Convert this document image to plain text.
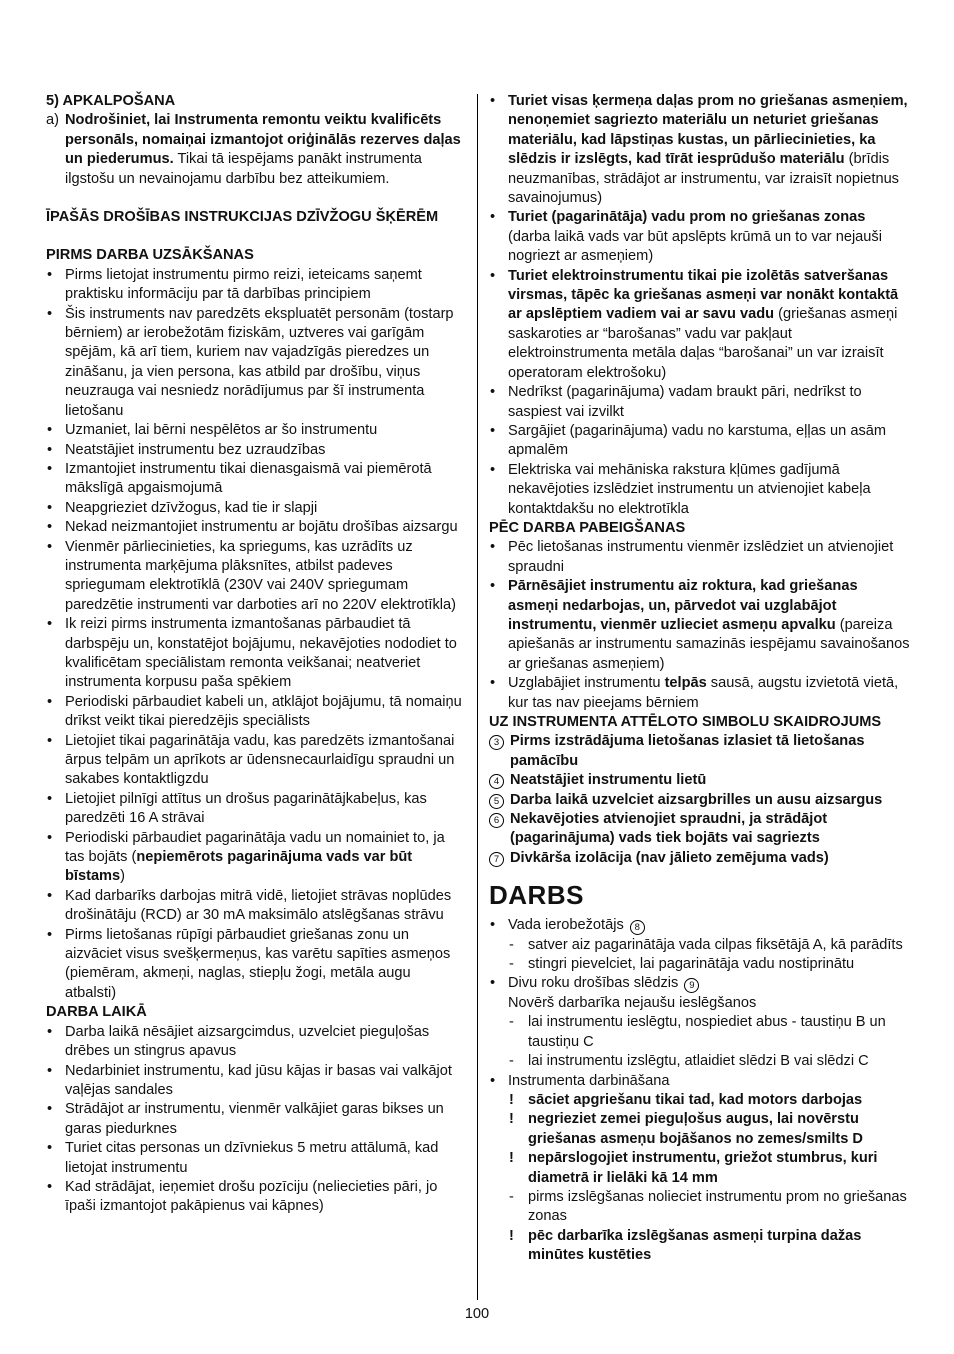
5) APKALPOŠANA

a) Nodrošiniet, lai Instrumenta remontu veiktu kvalificēts personāls, nomaiņai izmantojot oriģinālās rezerves daļas un piederumus. Tikai tā iespējams panākt instrumenta ilgstošu un nevainojamu darbību bez atteikumiem.

ĪPAŠĀS DROŠĪBAS INSTRUKCIJAS DZĪVŽOGU ŠĶĒRĒM

PIRMS DARBA UZSĀKŠANAS

• Pirms lietojat instrumentu pirmo reizi, ieteicams saņemt praktisku informāciju par tā darbības principiem
• Šis instruments nav paredzēts ekspluatēt personām (tostarp bērniem) ar ierobežotām fiziskām, uztveres vai garīgām spējām, kā arī tiem, kuriem nav vajadzīgās pieredzes un zināšanu, ja vien persona, kas atbild par drošību, viņus neuzrauga vai nesniedz norādījumus par šī instrumenta lietošanu
• Uzmaniet, lai bērni nespēlētos ar šo instrumentu
• Neatstājiet instrumentu bez uzraudzības
• Izmantojiet instrumentu tikai dienasgaismā vai piemērotā mākslīgā apgaismojumā
• Neapgrieziet dzīvžogus, kad tie ir slapji
• Nekad neizmantojiet instrumentu ar bojātu drošības aizsargu
• Vienmēr pārliecinieties, ka spriegums, kas uzrādīts uz instrumenta marķējuma plāksnītes, atbilst padeves spriegumam elektrotīklā (230V vai 240V spriegumam paredzētie instrumenti var darboties arī no 220V elektrotīkla)
• Ik reizi pirms instrumenta izmantošanas pārbaudiet tā darbspēju un, konstatējot bojājumu, nekavējoties nododiet to kvalificētam speciālistam remonta veikšanai; neatveriet instrumenta korpusu paša spēkiem
• Periodiski pārbaudiet kabeli un, atklājot bojājumu, tā nomaiņu drīkst veikt tikai pieredzējis speciālists
• Lietojiet tikai pagarinātāja vadu, kas paredzēts izmantošanai ārpus telpām un aprīkots ar ūdensnecaurlaidīgu spraudni un sakabes kontaktligzdu
• Lietojiet pilnīgi attītus un drošus pagarinātājkabeļus, kas paredzēti 16 A strāvai
• Periodiski pārbaudiet pagarinātāja vadu un nomainiet to, ja tas bojāts (nepiemērots pagarinājuma vads var būt bīstams)
• Kad darbarīks darbojas mitrā vidē, lietojiet strāvas noplūdes drošinātāju (RCD) ar 30 mA maksimālo atslēgšanas strāvu
• Pirms lietošanas rūpīgi pārbaudiet griešanas zonu un aizvāciet visus svešķermeņus, kas varētu sapīties asmeņos (piemēram, akmeņi, naglas, stiepļu žogi, metāla augu atbalsti)

DARBA LAIKĀ

• Darba laikā nēsājiet aizsargcimdus, uzvelciet pieguļošas drēbes un stingrus apavus
• Nedarbiniet instrumentu, kad jūsu kājas ir basas vai valkājot vaļējas sandales
• Strādājot ar instrumentu, vienmēr valkājiet garas bikses un garas piedurknes
• Turiet citas personas un dzīvniekus 5 metru attālumā, kad lietojat instrumentu
• Kad strādājat, ieņemiet drošu pozīciju (neliecieties pāri, jo īpaši izmantojot pakāpienus vai kāpnes)
• Turiet visas ķermeņa daļas prom no griešanas asmeņiem, nenoņemiet sagriezto materiālu un neturiet griešanas materiālu, kad lāpstiņas kustas, un pārliecinieties, ka slēdzis ir izslēgts, kad tīrāt iesprūdušo materiālu (brīdis neuzmanības, strādājot ar instrumentu, var izraisīt nopietnus savainojumus)
• Turiet (pagarinātāja) vadu prom no griešanas zonas (darba laikā vads var būt apslēpts krūmā un to var nejauši nogriezt ar asmeņiem)
• Turiet elektroinstrumentu tikai pie izolētās satveršanas virsmas, tāpēc ka griešanas asmeņi var nonākt kontaktā ar apslēptiem vadiem vai ar savu vadu (griešanas asmeņi saskaroties ar “barošanas” vadu var pakļaut elektroinstrumenta metāla daļas “barošanai” un var izraisīt operatoram elektrošoku)
• Nedrīkst (pagarinājuma) vadam braukt pāri, nedrīkst to saspiest vai izvilkt
• Sargājiet (pagarinājuma) vadu no karstuma, eļļas un asām apmalēm
• Elektriska vai mehāniska rakstura kļūmes gadījumā nekavējoties izslēdziet instrumentu un atvienojiet kabeļa kontaktdakšu no elektrotīkla

PĒC DARBA PABEIGŠANAS

• Pēc lietošanas instrumentu vienmēr izslēdziet un atvienojiet spraudni
• Pārnēsājiet instrumentu aiz roktura, kad griešanas asmeņi nedarbojas, un, pārvedot vai uzglabājot instrumentu, vienmēr uzlieciet asmeņu apvalku (pareiza apiešanās ar instrumentu samazinās iespējamu savainošanos ar griešanas asmeņiem)
• Uzglabājiet instrumentu telpās sausā, augstu izvietotā vietā, kur tas nav pieejams bērniem

UZ INSTRUMENTA ATTĒLOTO SIMBOLU SKAIDROJUMS

3 Pirms izstrādājuma lietošanas izlasiet tā lietošanas pamācību
4 Neatstājiet instrumentu lietū
5 Darba laikā uzvelciet aizsargbrilles un ausu aizsargus
6 Nekavējoties atvienojiet spraudni, ja strādājot (pagarinājuma) vads tiek bojāts vai sagriezts
7 Divkārša izolācija (nav jālieto zemējuma vads)
DARBS
• Vada ierobežotājs 8
- satver aiz pagarinātāja vada cilpas fiksētājā A, kā parādīts
- stingri pievelciet, lai pagarinātāja vadu nostiprinātu
• Divu roku drošības slēdzis 9

Novērš darbarīka nejaušu ieslēgšanos

- lai instrumentu ieslēgtu, nospiediet abus - taustiņu B un taustiņu C
- lai instrumentu izslēgtu, atlaidiet slēdzi B vai slēdzi C
• Instrumenta darbināšana
! sāciet apgriešanu tikai tad, kad motors darbojas
! negrieziet zemei pieguļošus augus, lai novērstu griešanas asmeņu bojāšanos no zemes/smilts D
! nepārslogojiet instrumentu, griežot stumbrus, kuri diametrā ir lielāki kā 14 mm
- pirms izslēgšanas nolieciet instrumentu prom no griešanas zonas
! pēc darbarīka izslēgšanas asmeņi turpina dažas minūtes kustēties
100
